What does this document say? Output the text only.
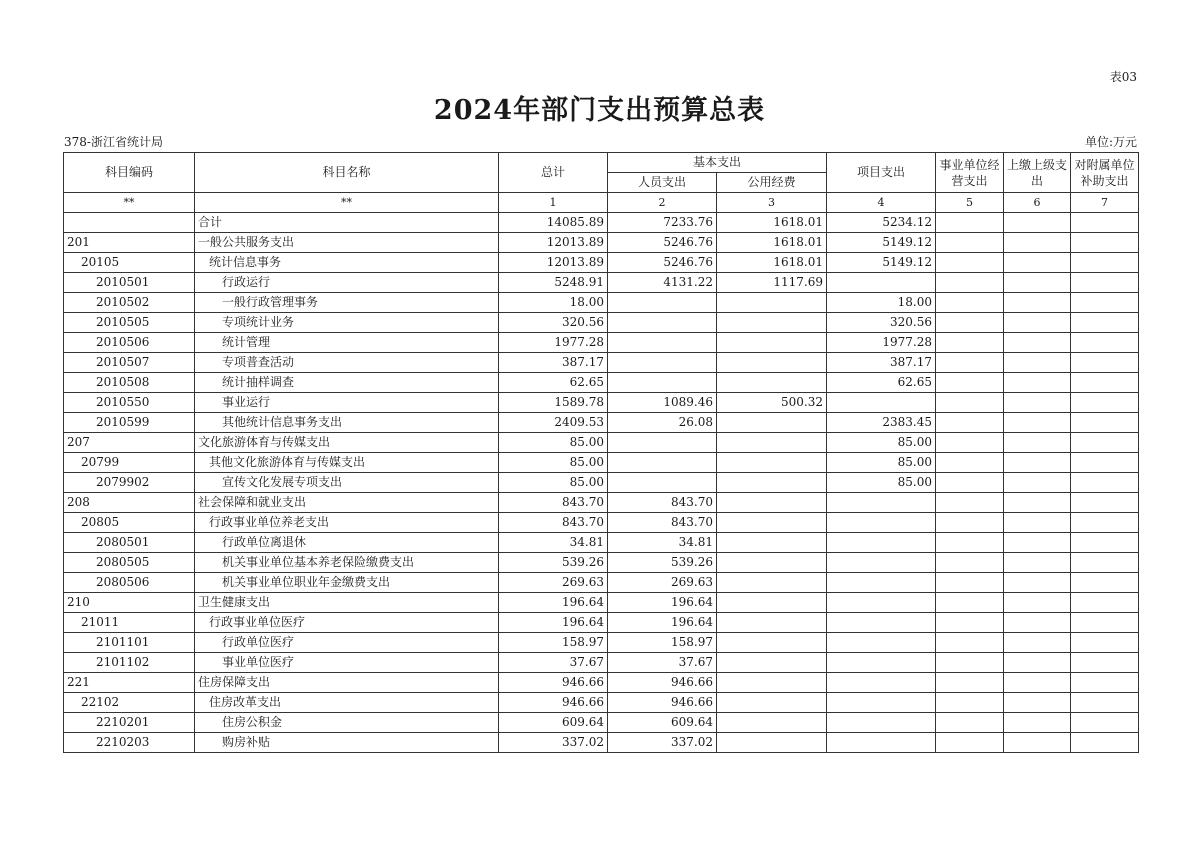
表03
2024年部门支出预算总表
378-浙江省统计局	单位:万元
科目编码	科目名称	总计	基本支出		项目支出	事业单位经营支出	上缴上级支出	对附属单位补助支出
			人员支出	公用经费				
**	**	1	2	3	4	5	6	7
	合计	14085.89	7233.76	1618.01	5234.12			
201	一般公共服务支出	12013.89	5246.76	1618.01	5149.12			
20105	统计信息事务	12013.89	5246.76	1618.01	5149.12			
2010501	行政运行	5248.91	4131.22	1117.69				
2010502	一般行政管理事务	18.00			18.00			
2010505	专项统计业务	320.56			320.56			
2010506	统计管理	1977.28			1977.28			
2010507	专项普查活动	387.17			387.17			
2010508	统计抽样调查	62.65			62.65			
2010550	事业运行	1589.78	1089.46	500.32				
2010599	其他统计信息事务支出	2409.53	26.08		2383.45			
207	文化旅游体育与传媒支出	85.00			85.00			
20799	其他文化旅游体育与传媒支出	85.00			85.00			
2079902	宣传文化发展专项支出	85.00			85.00			
208	社会保障和就业支出	843.70	843.70					
20805	行政事业单位养老支出	843.70	843.70					
2080501	行政单位离退休	34.81	34.81					
2080505	机关事业单位基本养老保险缴费支出	539.26	539.26					
2080506	机关事业单位职业年金缴费支出	269.63	269.63					
210	卫生健康支出	196.64	196.64					
21011	行政事业单位医疗	196.64	196.64					
2101101	行政单位医疗	158.97	158.97					
2101102	事业单位医疗	37.67	37.67					
221	住房保障支出	946.66	946.66					
22102	住房改革支出	946.66	946.66					
2210201	住房公积金	609.64	609.64					
2210203	购房补贴	337.02	337.02					
